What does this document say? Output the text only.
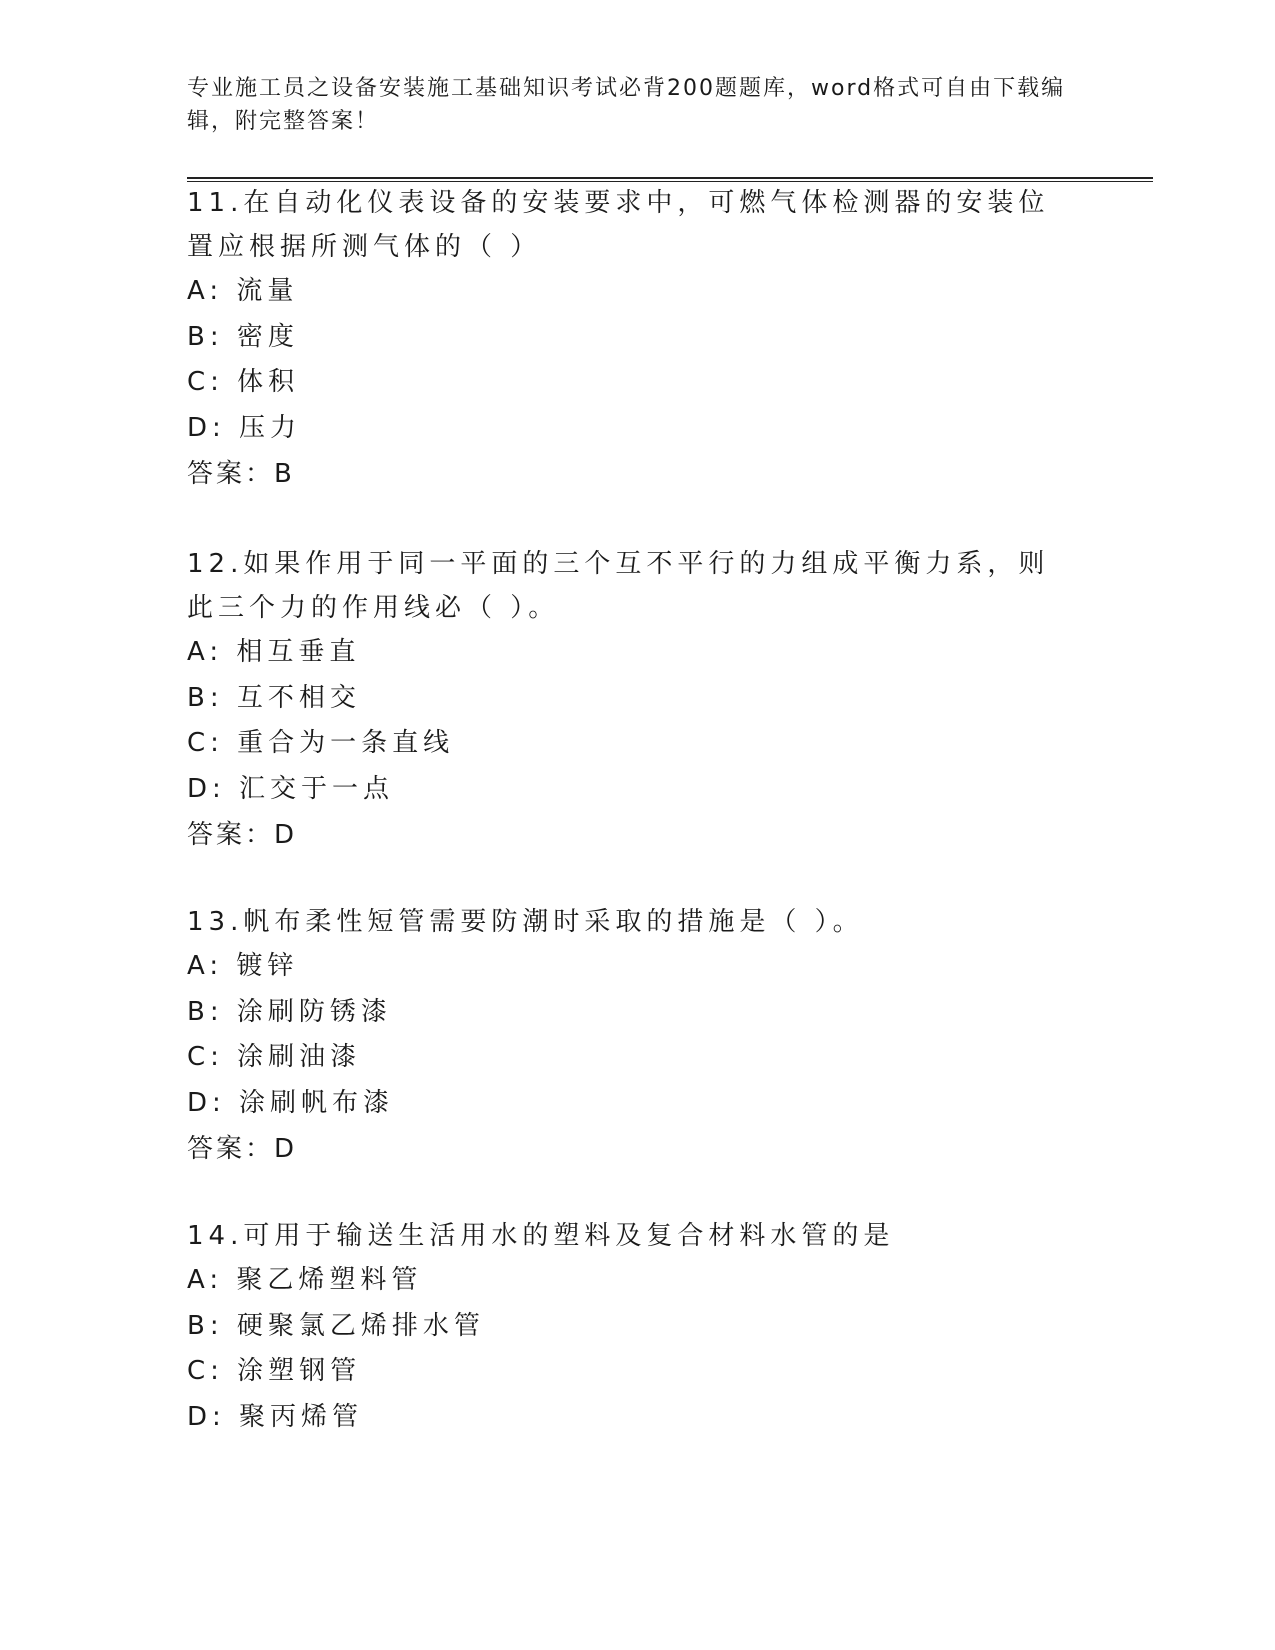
专业施工员之设备安装施工基础知识考试必背200题题库，word格式可自由下载编辑，附完整答案！
11.在自动化仪表设备的安装要求中，可燃气体检测器的安装位置应根据所测气体的（ ）
A: 流量
B: 密度
C: 体积
D: 压力
答案：B
12.如果作用于同一平面的三个互不平行的力组成平衡力系，则此三个力的作用线必（ ）。
A: 相互垂直
B: 互不相交
C: 重合为一条直线
D: 汇交于一点
答案：D
13.帆布柔性短管需要防潮时采取的措施是（ ）。
A: 镀锌
B: 涂刷防锈漆
C: 涂刷油漆
D: 涂刷帆布漆
答案：D
14.可用于输送生活用水的塑料及复合材料水管的是
A: 聚乙烯塑料管
B: 硬聚氯乙烯排水管
C: 涂塑钢管
D: 聚丙烯管
